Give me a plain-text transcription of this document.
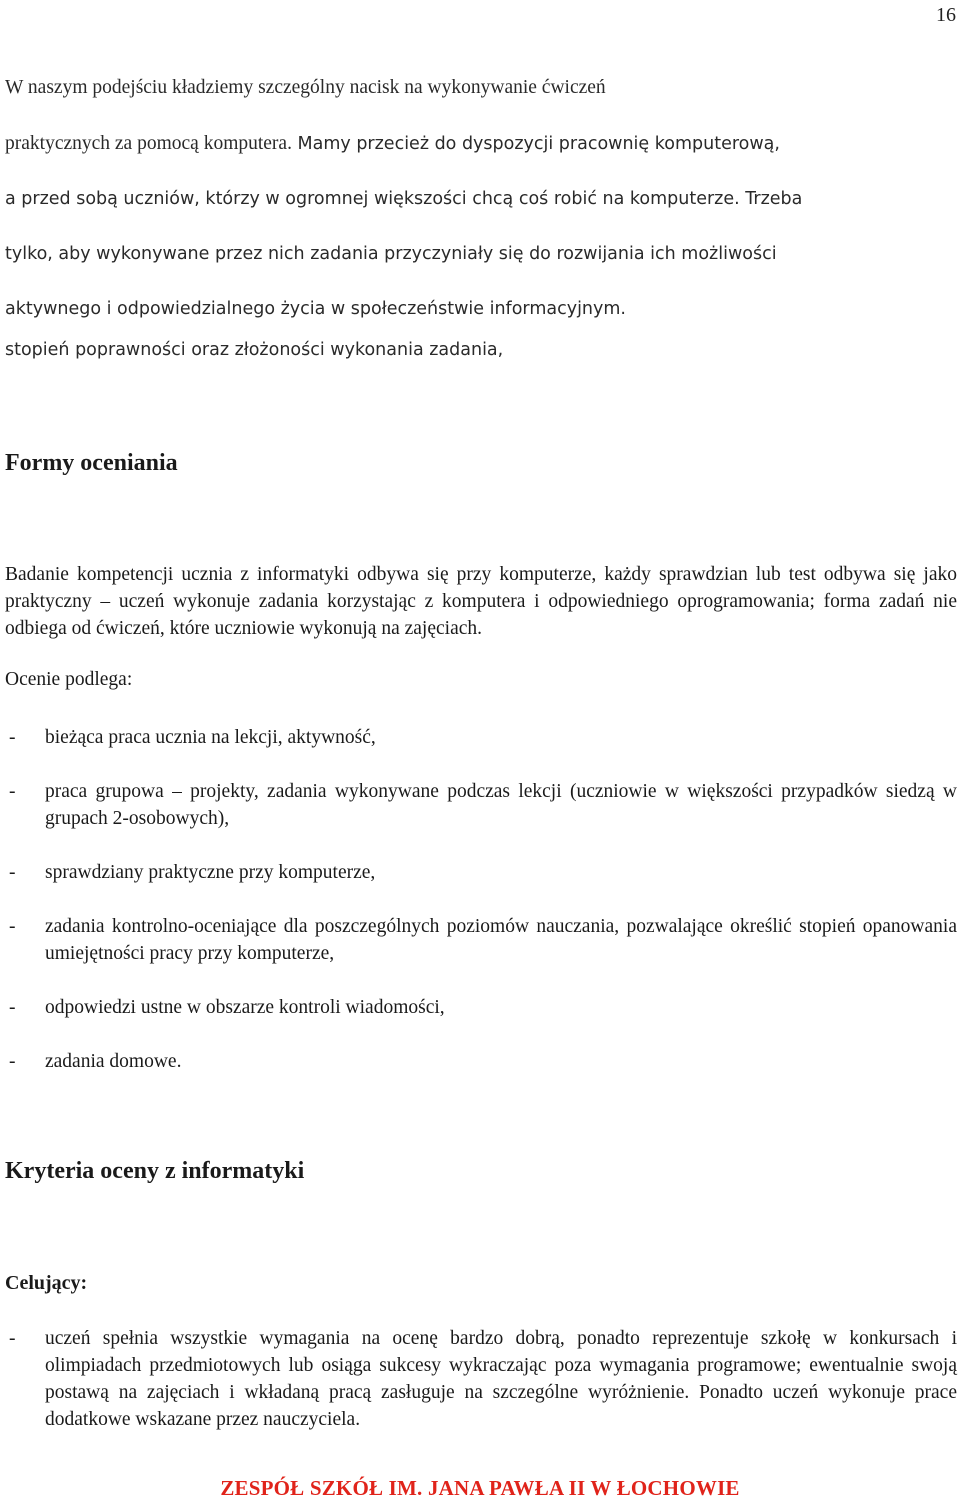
16

W naszym podejściu kładziemy szczególny nacisk na wykonywanie ćwiczeń

praktycznych za pomocą komputera. Mamy przecież do dyspozycji pracownię komputerową,

a przed sobą uczniów, którzy w ogromnej większości chcą coś robić na komputerze. Trzeba

tylko, aby wykonywane przez nich zadania przyczyniały się do rozwijania ich możliwości

aktywnego i odpowiedzialnego życia w społeczeństwie informacyjnym.

stopień poprawności oraz złożoności wykonania zadania,
Formy oceniania

Badanie kompetencji ucznia z informatyki odbywa się przy komputerze, każdy sprawdzian lub test odbywa się jako praktyczny – uczeń wykonuje zadania korzystając z komputera i odpowiedniego oprogramowania; forma zadań nie odbiega od ćwiczeń, które uczniowie wykonują na zajęciach.

Ocenie podlega:
- bieżąca praca ucznia na lekcji, aktywność,
- praca grupowa – projekty, zadania wykonywane podczas lekcji (uczniowie w większości przypadków siedzą w grupach 2-osobowych),
- sprawdziany praktyczne przy komputerze,
- zadania kontrolno-oceniające dla poszczególnych poziomów nauczania, pozwalające określić stopień opanowania umiejętności pracy przy komputerze,
- odpowiedzi ustne w obszarze kontroli wiadomości,
- zadania domowe.
Kryteria oceny z informatyki
Celujący:
- uczeń spełnia wszystkie wymagania na ocenę bardzo dobrą, ponadto reprezentuje szkołę w konkursach i olimpiadach przedmiotowych lub osiąga sukcesy wykraczając poza wymagania programowe; ewentualnie swoją postawą na zajęciach i wkładaną pracą zasługuje na szczególne wyróżnienie. Ponadto uczeń wykonuje prace dodatkowe wskazane przez nauczyciela.
ZESPÓŁ SZKÓŁ IM. JANA PAWŁA II W ŁOCHOWIE
